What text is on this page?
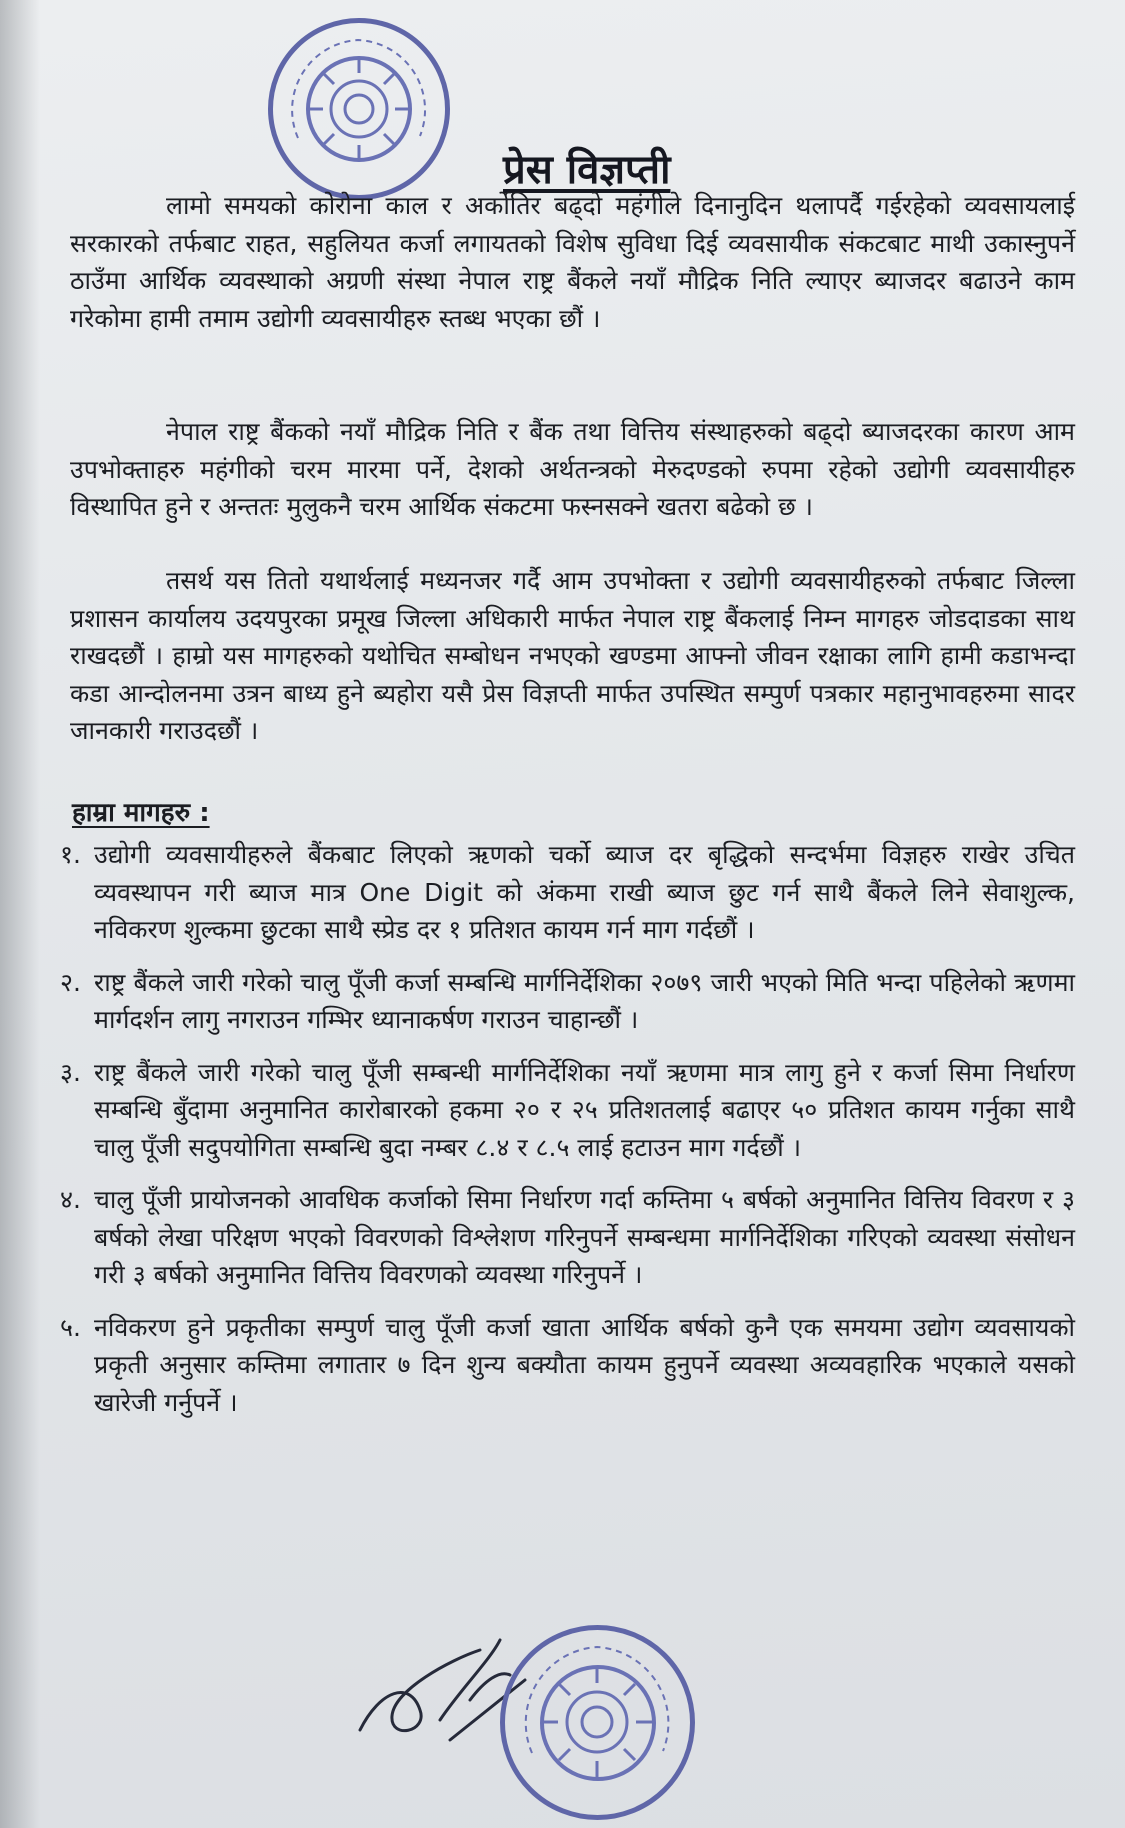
प्रेस विज्ञप्ती

लामो समयको कोरोना काल र अर्कोतिर बढ्दो महंगीले दिनानुदिन थलापर्दै गईरहेको व्यवसायलाई सरकारको तर्फबाट राहत, सहुलियत कर्जा लगायतको विशेष सुविधा दिई व्यवसायीक संकटबाट माथी उकास्नुपर्ने ठाउँमा आर्थिक व्यवस्थाको अग्रणी संस्था नेपाल राष्ट्र बैंकले नयाँ मौद्रिक निति ल्याएर ब्याजदर बढाउने काम गरेकोमा हामी तमाम उद्योगी व्यवसायीहरु स्तब्ध भएका छौं ।

नेपाल राष्ट्र बैंकको नयाँ मौद्रिक निति र बैंक तथा वित्तिय संस्थाहरुको बढ्दो ब्याजदरका कारण आम उपभोक्ताहरु महंगीको चरम मारमा पर्ने, देशको अर्थतन्त्रको मेरुदण्डको रुपमा रहेको उद्योगी व्यवसायीहरु विस्थापित हुने र अन्ततः मुलुकनै चरम आर्थिक संकटमा फस्नसक्ने खतरा बढेको छ ।

तसर्थ यस तितो यथार्थलाई मध्यनजर गर्दै आम उपभोक्ता र उद्योगी व्यवसायीहरुको तर्फबाट जिल्ला प्रशासन कार्यालय उदयपुरका प्रमूख जिल्ला अधिकारी मार्फत नेपाल राष्ट्र बैंकलाई निम्न मागहरु जोडदाडका साथ राखदछौं । हाम्रो यस मागहरुको यथोचित सम्बोधन नभएको खण्डमा आफ्नो जीवन रक्षाका लागि हामी कडाभन्दा कडा आन्दोलनमा उत्रन बाध्य हुने ब्यहोरा यसै प्रेस विज्ञप्ती मार्फत उपस्थित सम्पुर्ण पत्रकार महानुभावहरुमा सादर जानकारी गराउदछौं ।

हाम्रा मागहरु :
१. उद्योगी व्यवसायीहरुले बैंकबाट लिएको ऋणको चर्को ब्याज दर बृद्धिको सन्दर्भमा विज्ञहरु राखेर उचित व्यवस्थापन गरी ब्याज मात्र One Digit को अंकमा राखी ब्याज छुट गर्न साथै बैंकले लिने सेवाशुल्क, नविकरण शुल्कमा छुटका साथै स्प्रेड दर १ प्रतिशत कायम गर्न माग गर्दछौं ।
२. राष्ट्र बैंकले जारी गरेको चालु पूँजी कर्जा सम्बन्धि मार्गनिर्देशिका २०७९ जारी भएको मिति भन्दा पहिलेको ऋणमा मार्गदर्शन लागु नगराउन गम्भिर ध्यानाकर्षण गराउन चाहान्छौं ।
३. राष्ट्र बैंकले जारी गरेको चालु पूँजी सम्बन्धी मार्गनिर्देशिका नयाँ ऋणमा मात्र लागु हुने र कर्जा सिमा निर्धारण सम्बन्धि बुँदामा अनुमानित कारोबारको हकमा २० र २५ प्रतिशतलाई बढाएर ५० प्रतिशत कायम गर्नुका साथै चालु पूँजी सदुपयोगिता सम्बन्धि बुदा नम्बर ८.४ र ८.५ लाई हटाउन माग गर्दछौं ।
४. चालु पूँजी प्रायोजनको आवधिक कर्जाको सिमा निर्धारण गर्दा कम्तिमा ५ बर्षको अनुमानित वित्तिय विवरण र ३ बर्षको लेखा परिक्षण भएको विवरणको विश्लेशण गरिनुपर्ने सम्बन्धमा मार्गनिर्देशिका गरिएको व्यवस्था संसोधन गरी ३ बर्षको अनुमानित वित्तिय विवरणको व्यवस्था गरिनुपर्ने ।
५. नविकरण हुने प्रकृतीका सम्पुर्ण चालु पूँजी कर्जा खाता आर्थिक बर्षको कुनै एक समयमा उद्योग व्यवसायको प्रकृती अनुसार कम्तिमा लगातार ७ दिन शुन्य बक्यौता कायम हुनुपर्ने व्यवस्था अव्यवहारिक भएकाले यसको खारेजी गर्नुपर्ने ।
